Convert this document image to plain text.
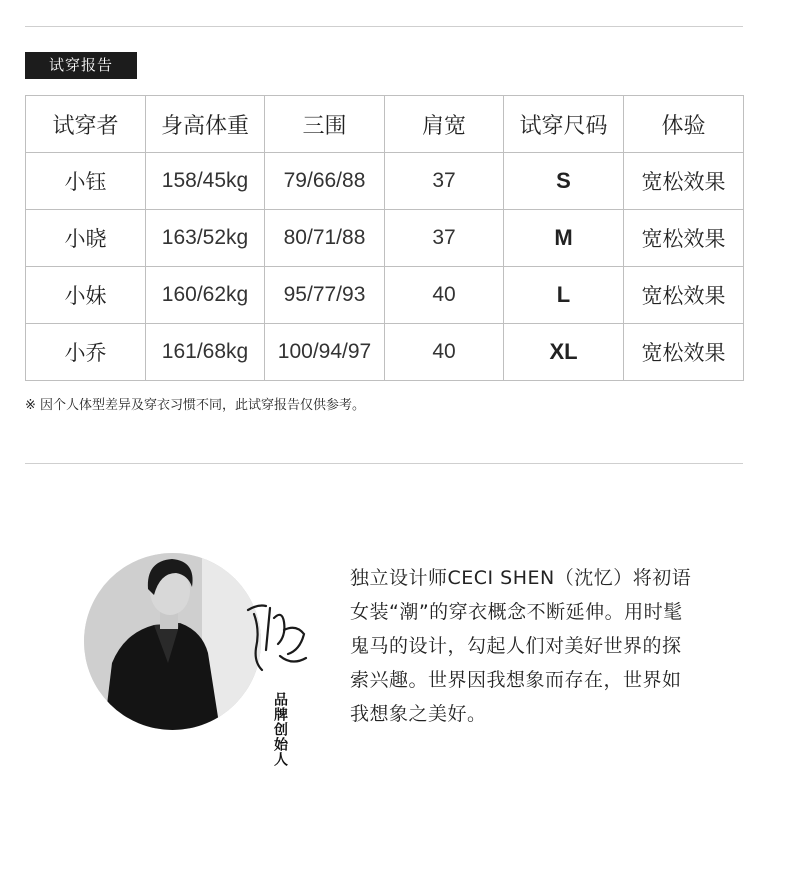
试穿报告
试穿者	身高体重	三围	肩宽	试穿尺码	体验
小钰	158/45kg	79/66/88	37	S	宽松效果
小晓	163/52kg	80/71/88	37	M	宽松效果
小妹	160/62kg	95/77/93	40	L	宽松效果
小乔	161/68kg	100/94/97	40	XL	宽松效果
※ 因个人体型差异及穿衣习惯不同，此试穿报告仅供参考。
品牌创始人
独立设计师CECI SHEN（沈忆）将初语女装“潮”的穿衣概念不断延伸。用时髦鬼马的设计，勾起人们对美好世界的探索兴趣。世界因我想象而存在，世界如我想象之美好。
